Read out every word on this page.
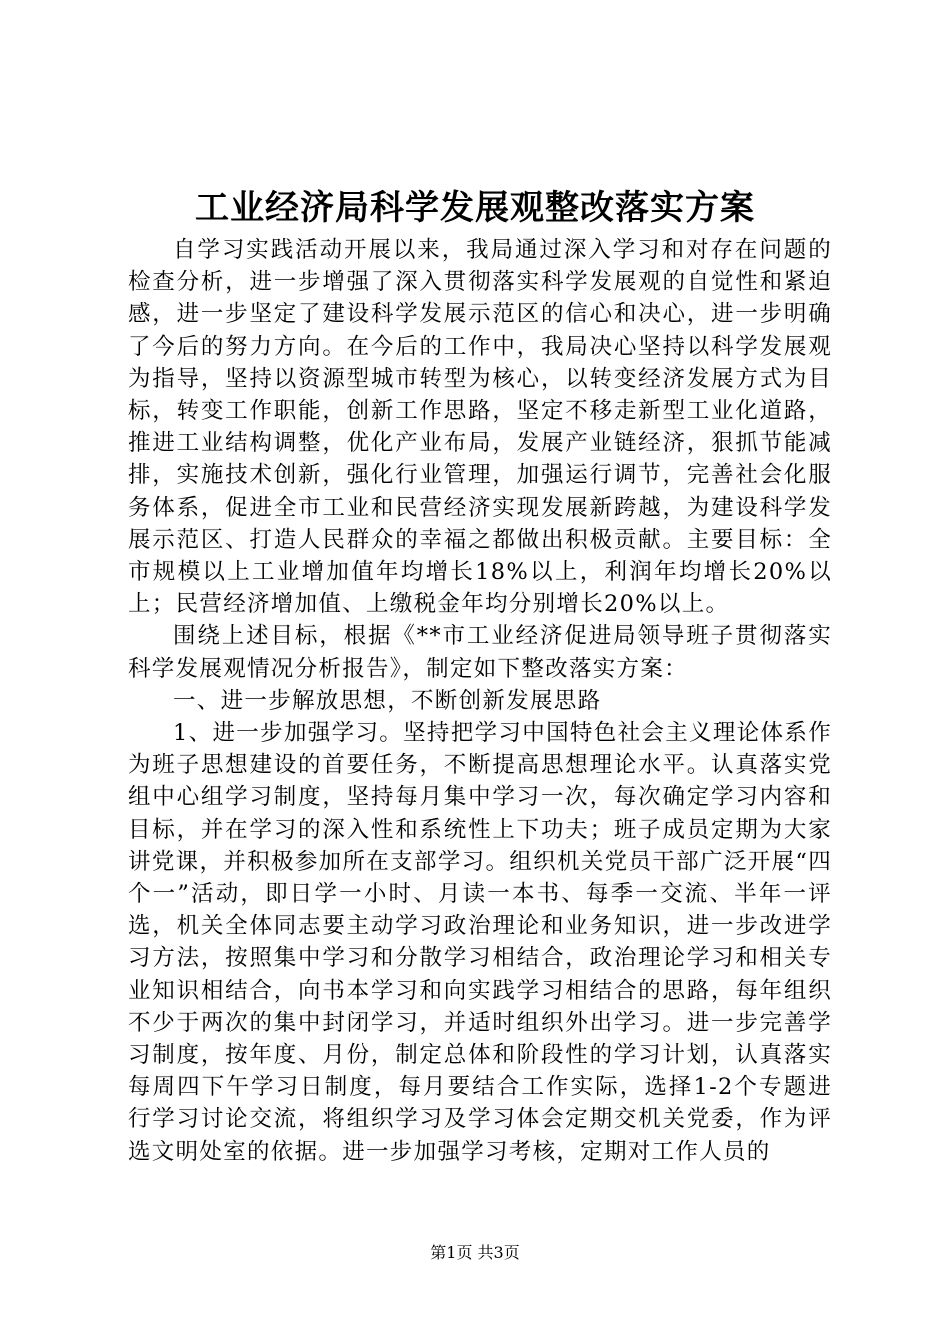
工业经济局科学发展观整改落实方案

自学习实践活动开展以来，我局通过深入学习和对存在问题的检查分析，进一步增强了深入贯彻落实科学发展观的自觉性和紧迫感，进一步坚定了建设科学发展示范区的信心和决心，进一步明确了今后的努力方向。在今后的工作中，我局决心坚持以科学发展观为指导，坚持以资源型城市转型为核心，以转变经济发展方式为目标，转变工作职能，创新工作思路，坚定不移走新型工业化道路，推进工业结构调整，优化产业布局，发展产业链经济，狠抓节能减排，实施技术创新，强化行业管理，加强运行调节，完善社会化服务体系，促进全市工业和民营经济实现发展新跨越，为建设科学发展示范区、打造人民群众的幸福之都做出积极贡献。主要目标：全市规模以上工业增加值年均增长18%以上，利润年均增长20%以上；民营经济增加值、上缴税金年均分别增长20%以上。

围绕上述目标，根据《**市工业经济促进局领导班子贯彻落实科学发展观情况分析报告》，制定如下整改落实方案：

一、进一步解放思想，不断创新发展思路

1、进一步加强学习。坚持把学习中国特色社会主义理论体系作为班子思想建设的首要任务，不断提高思想理论水平。认真落实党组中心组学习制度，坚持每月集中学习一次，每次确定学习内容和目标，并在学习的深入性和系统性上下功夫；班子成员定期为大家讲党课，并积极参加所在支部学习。组织机关党员干部广泛开展“四个一”活动，即日学一小时、月读一本书、每季一交流、半年一评选，机关全体同志要主动学习政治理论和业务知识，进一步改进学习方法，按照集中学习和分散学习相结合，政治理论学习和相关专业知识相结合，向书本学习和向实践学习相结合的思路，每年组织不少于两次的集中封闭学习，并适时组织外出学习。进一步完善学习制度，按年度、月份，制定总体和阶段性的学习计划，认真落实每周四下午学习日制度，每月要结合工作实际，选择1-2个专题进行学习讨论交流，将组织学习及学习体会定期交机关党委，作为评选文明处室的依据。进一步加强学习考核，定期对工作人员的

第1页 共3页
